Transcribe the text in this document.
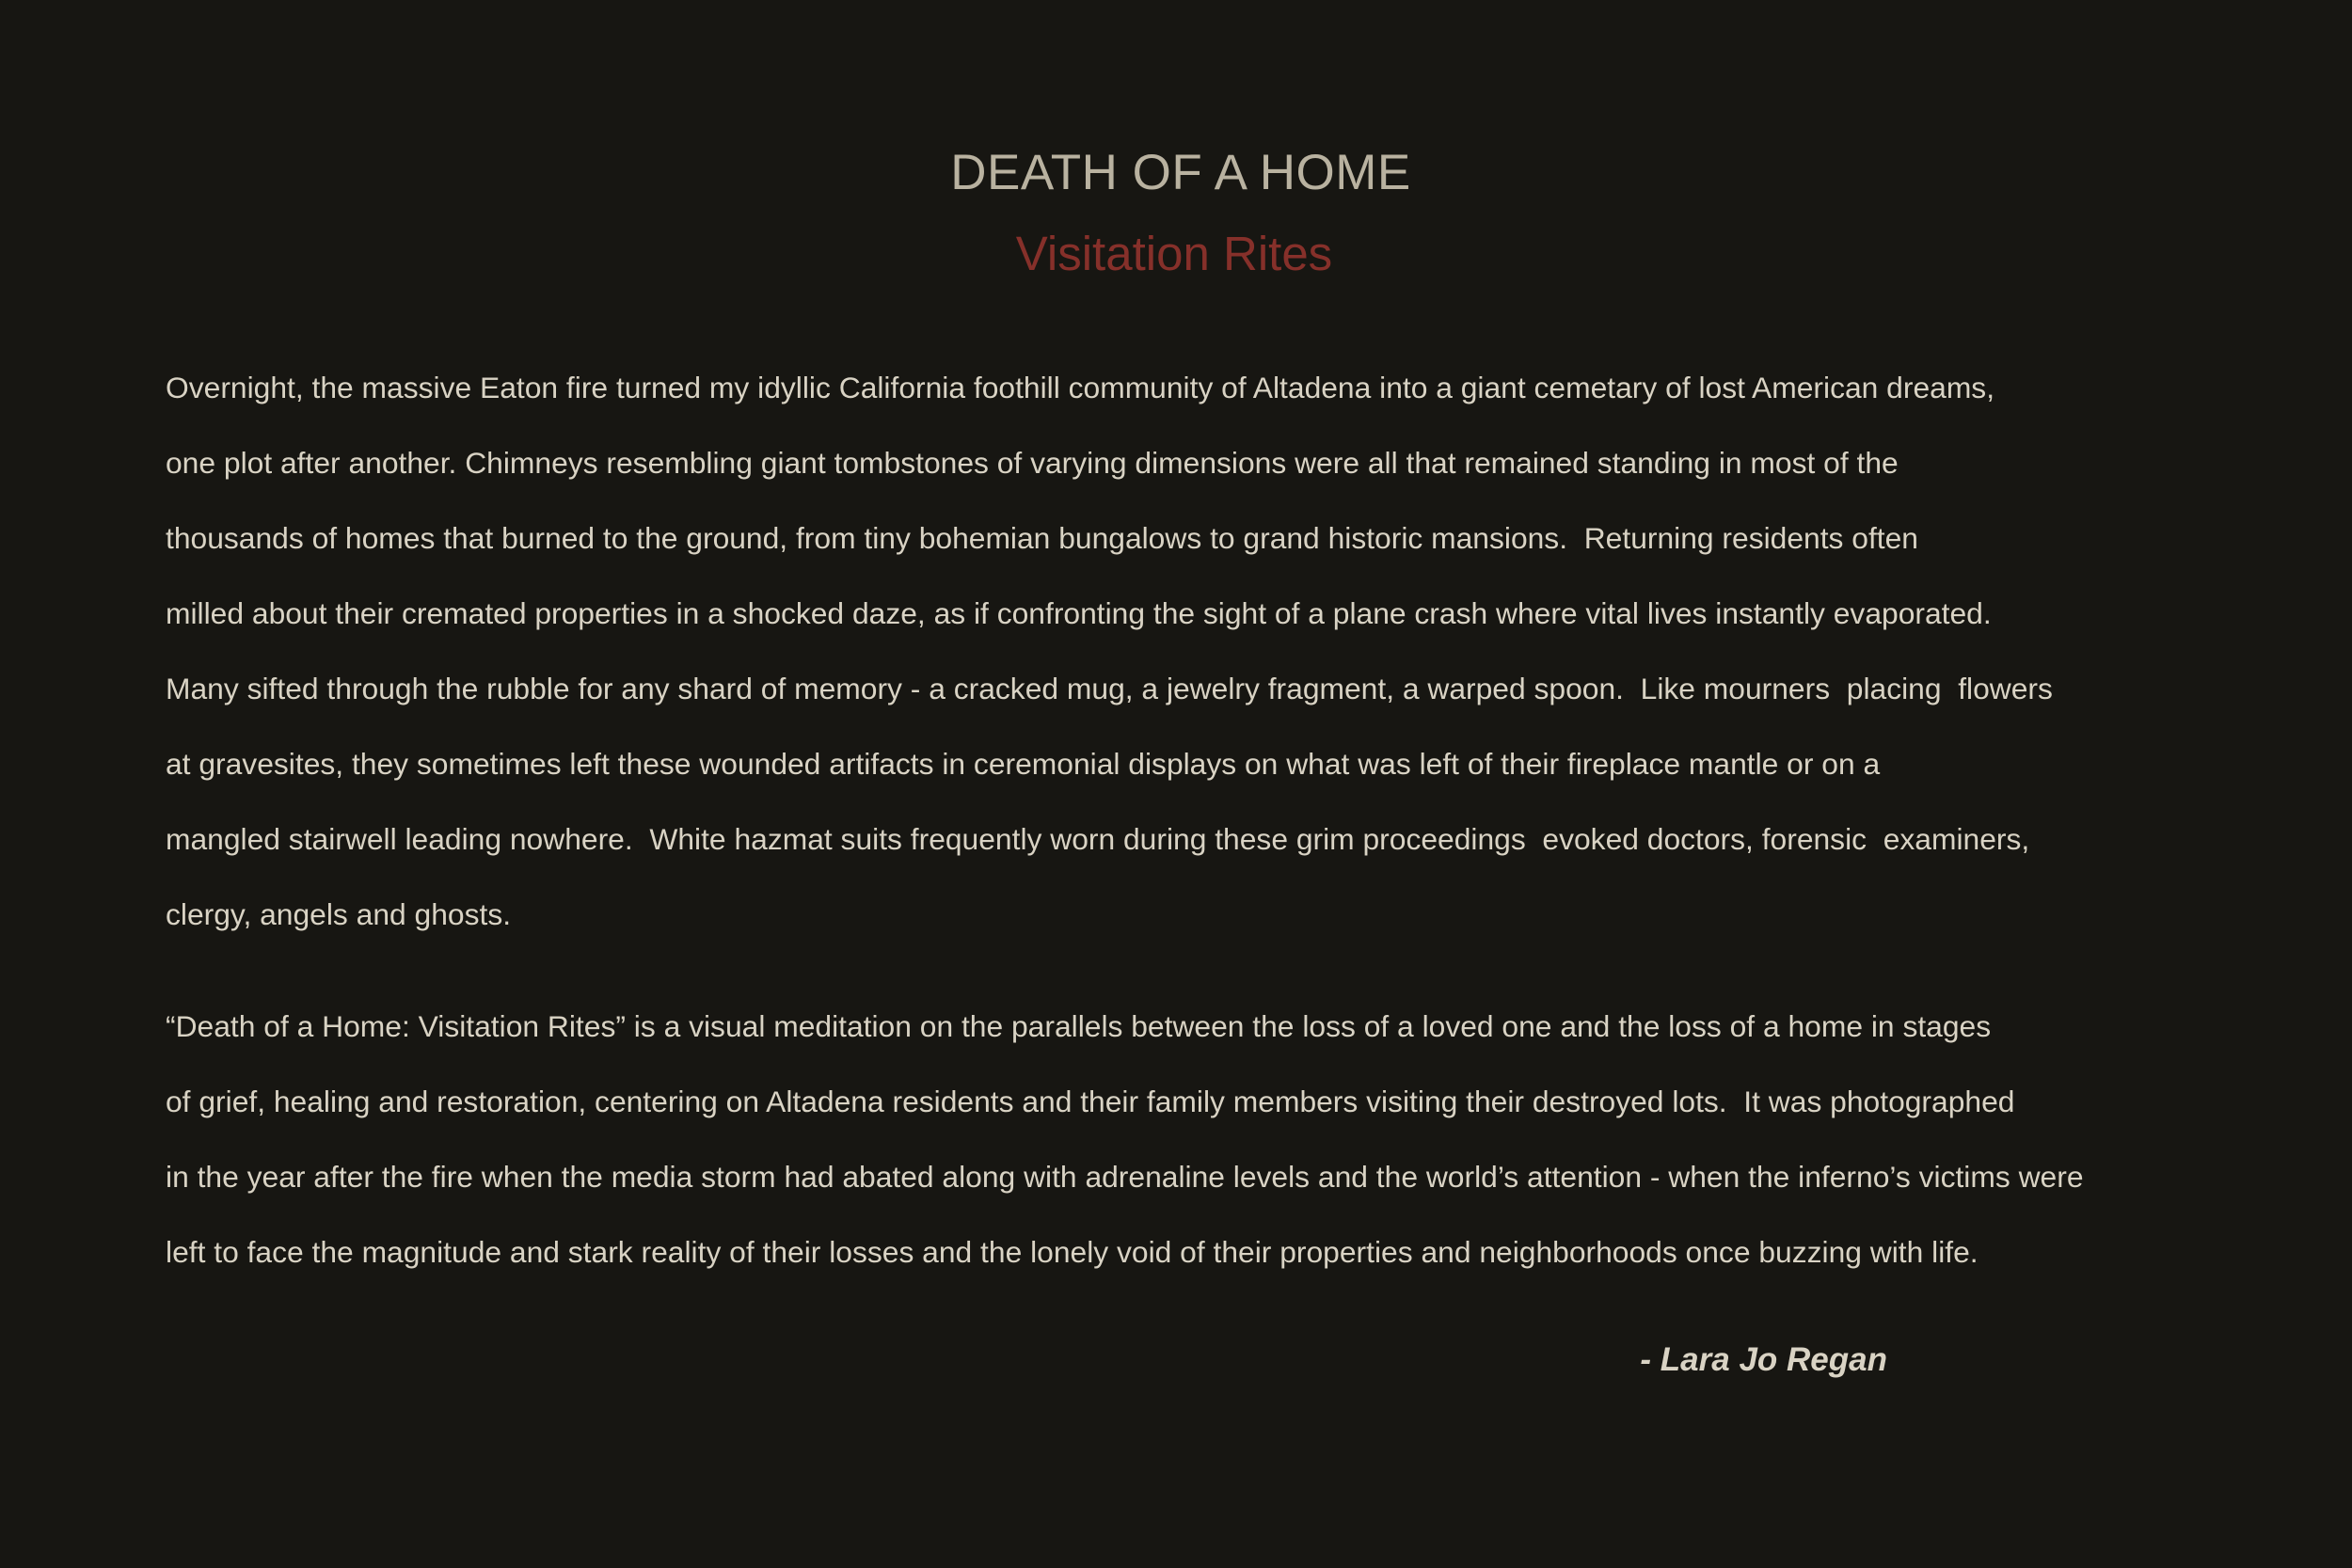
DEATH OF A HOME
Visitation Rites
Overnight, the massive Eaton fire turned my idyllic California foothill community of Altadena into a giant cemetary of lost American dreams,
one plot after another. Chimneys resembling giant tombstones of varying dimensions were all that remained standing in most of the
thousands of homes that burned to the ground, from tiny bohemian bungalows to grand historic mansions.  Returning residents often
milled about their cremated properties in a shocked daze, as if confronting the sight of a plane crash where vital lives instantly evaporated.
Many sifted through the rubble for any shard of memory - a cracked mug, a jewelry fragment, a warped spoon.  Like mourners  placing  flowers
at gravesites, they sometimes left these wounded artifacts in ceremonial displays on what was left of their fireplace mantle or on a
mangled stairwell leading nowhere.  White hazmat suits frequently worn during these grim proceedings  evoked doctors, forensic  examiners,
clergy, angels and ghosts.
“Death of a Home: Visitation Rites” is a visual meditation on the parallels between the loss of a loved one and the loss of a home in stages
of grief, healing and restoration, centering on Altadena residents and their family members visiting their destroyed lots.  It was photographed
in the year after the fire when the media storm had abated along with adrenaline levels and the world’s attention - when the inferno’s victims were
left to face the magnitude and stark reality of their losses and the lonely void of their properties and neighborhoods once buzzing with life.
- Lara Jo Regan
